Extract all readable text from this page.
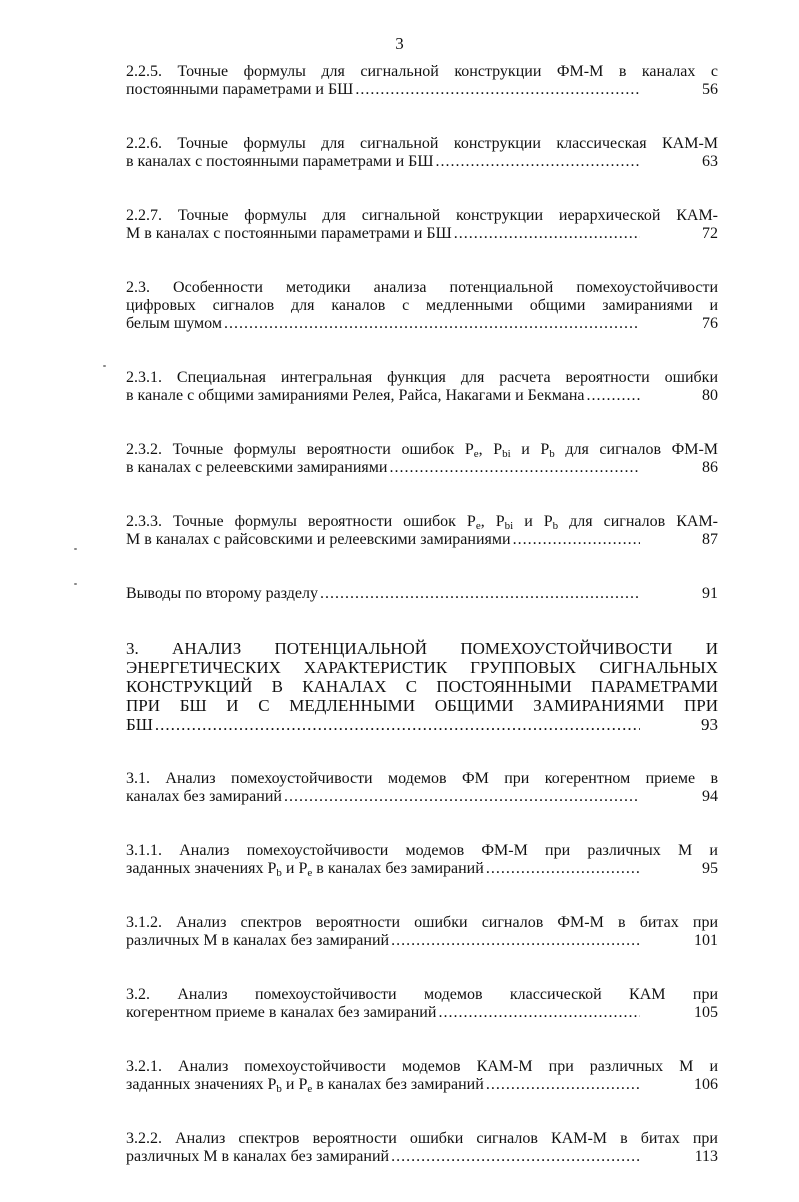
3
2.2.5. Точные формулы для сигнальной конструкции ФМ-М в каналах с
постоянными параметрами и БШ .....	56
2.2.6. Точные формулы для сигнальной конструкции классическая КАМ-М
в каналах с постоянными параметрами и БШ .....	63
2.2.7. Точные формулы для сигнальной конструкции иерархической КАМ-
М в каналах с постоянными параметрами и БШ .....	72
2.3. Особенности методики анализа потенциальной помехоустойчивости
цифровых сигналов для каналов с медленными общими замираниями и
белым шумом .....	76
2.3.1. Специальная интегральная функция для расчета вероятности ошибки
в канале с общими замираниями Релея, Райса, Накагами и Бекмана .....	80
2.3.2. Точные формулы вероятности ошибок $P_e$, $P_{bi}$ и $P_b$ для сигналов ФМ-М
в каналах с релеевскими замираниями .....	86
2.3.3. Точные формулы вероятности ошибок $P_e$, $P_{bi}$ и $P_b$ для сигналов КАМ-
М в каналах с райсовскими и релеевскими замираниями .....	87
Выводы по второму разделу .....	91
3. АНАЛИЗ ПОТЕНЦИАЛЬНОЙ ПОМЕХОУСТОЙЧИВОСТИ И
ЭНЕРГЕТИЧЕСКИХ ХАРАКТЕРИСТИК ГРУППОВЫХ СИГНАЛЬНЫХ
КОНСТРУКЦИЙ В КАНАЛАХ С ПОСТОЯННЫМИ ПАРАМЕТРАМИ
ПРИ БШ И С МЕДЛЕННЫМИ ОБЩИМИ ЗАМИРАНИЯМИ ПРИ
БШ .....	93
3.1. Анализ помехоустойчивости модемов ФМ при когерентном приеме в
каналах без замираний .....	94
3.1.1. Анализ помехоустойчивости модемов ФМ-М при различных М и
заданных значениях $P_b$ и $P_e$ в каналах без замираний .....	95
3.1.2. Анализ спектров вероятности ошибки сигналов ФМ-М в битах при
различных М в каналах без замираний .....	101
3.2. Анализ помехоустойчивости модемов классической КАМ при
когерентном приеме в каналах без замираний .....	105
3.2.1. Анализ помехоустойчивости модемов КАМ-М при различных М и
заданных значениях $P_b$ и $P_e$ в каналах без замираний .....	106
3.2.2. Анализ спектров вероятности ошибки сигналов КАМ-М в битах при
различных М в каналах без замираний .....	113
